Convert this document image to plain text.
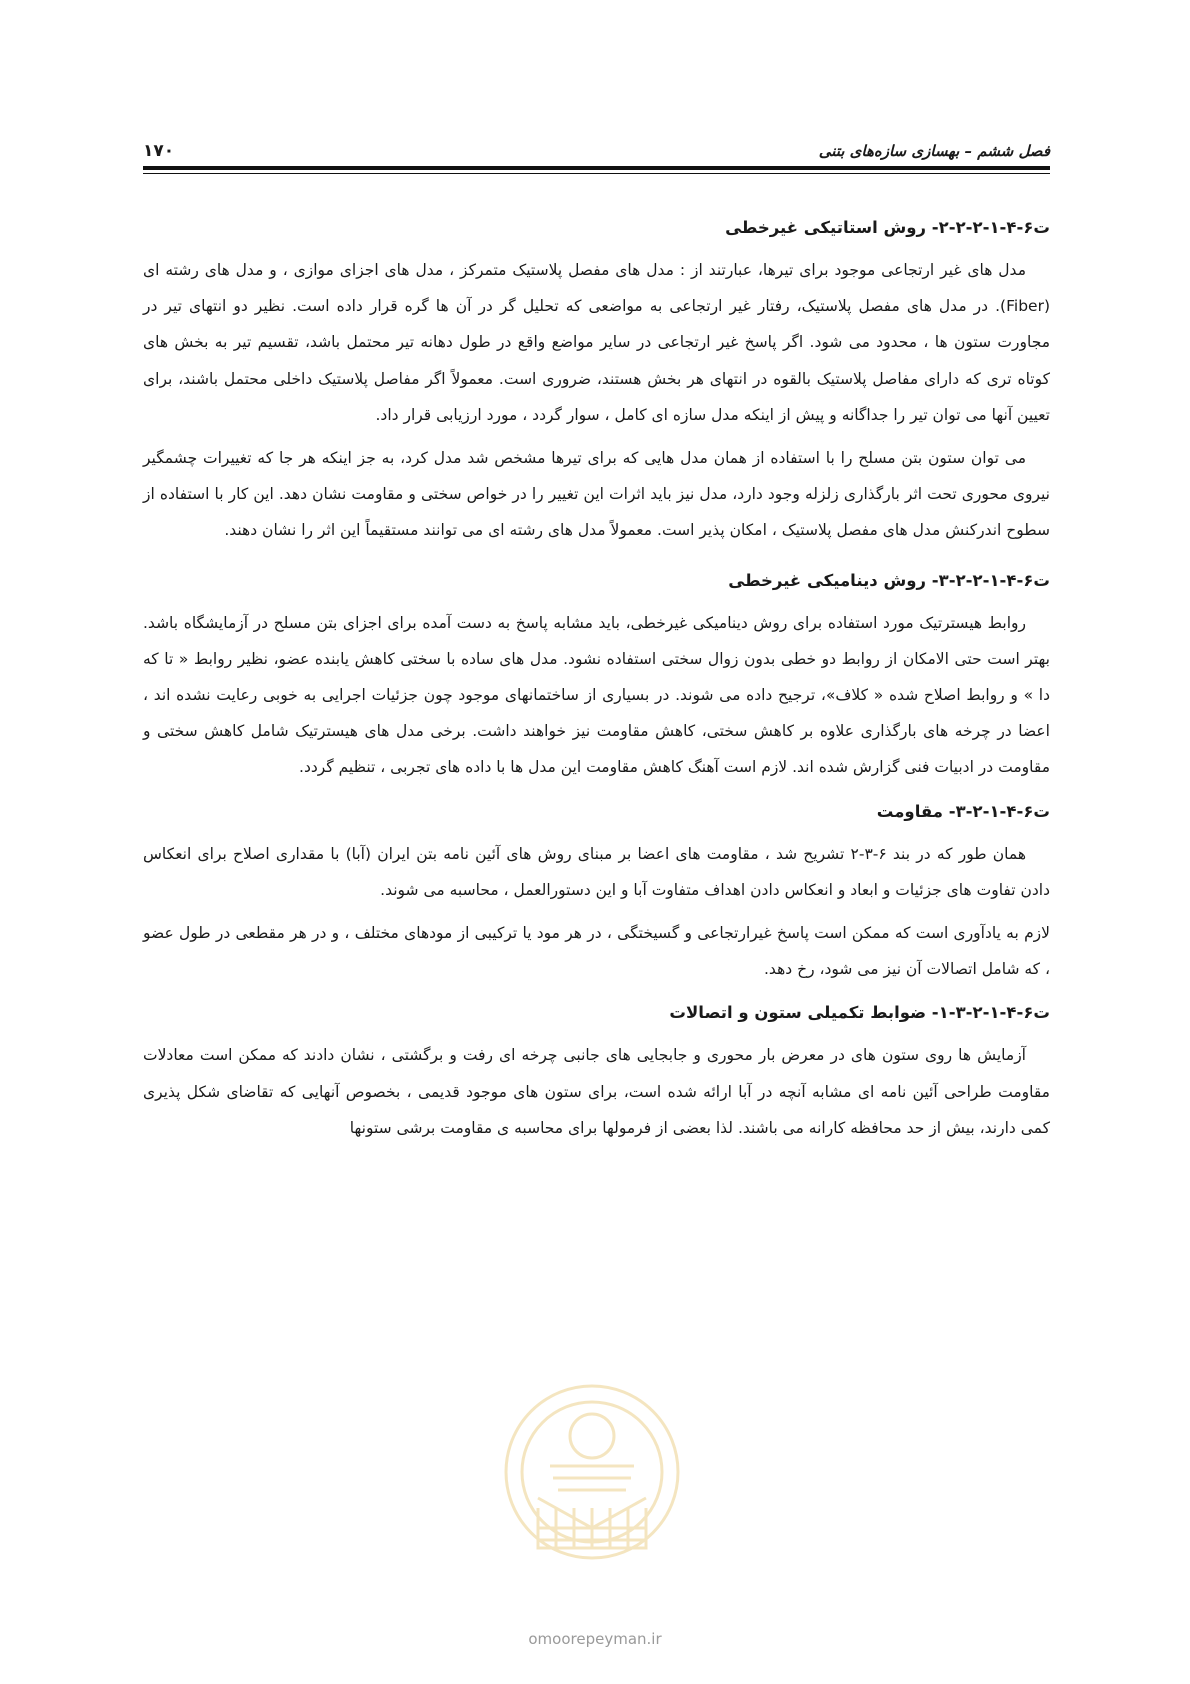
فصل ششم – بهسازی سازه‌های بتنی
۱۷۰
ت۶-۴-۱-۲-۲-۲- روش استاتیکی غیرخطی

مدل های غیر ارتجاعی موجود برای تیرها، عبارتند از : مدل های مفصل پلاستیک متمرکز ، مدل های اجزای موازی ، و مدل های رشته ای (Fiber). در مدل های مفصل پلاستیک، رفتار غیر ارتجاعی به مواضعی که تحلیل گر در آن ها گره قرار داده است. نظیر دو انتهای تیر در مجاورت ستون ها ، محدود می شود. اگر پاسخ غیر ارتجاعی در سایر مواضع واقع در طول دهانه تیر محتمل باشد، تقسیم تیر به بخش های کوتاه تری که دارای مفاصل پلاستیک بالقوه در انتهای هر بخش هستند، ضروری است. معمولاً اگر مفاصل پلاستیک داخلی محتمل باشند، برای تعیین آنها می توان تیر را جداگانه و پیش از اینکه مدل سازه ای کامل ، سوار گردد ، مورد ارزیابی قرار داد.

می توان ستون بتن مسلح را با استفاده از همان مدل هایی که برای تیرها مشخص شد مدل کرد، به جز اینکه هر جا که تغییرات چشمگیر نیروی محوری تحت اثر بارگذاری زلزله وجود دارد، مدل نیز باید اثرات این تغییر را در خواص سختی و مقاومت نشان دهد. این کار با استفاده از سطوح اندرکنش مدل های مفصل پلاستیک ، امکان پذیر است. معمولاً مدل های رشته ای می توانند مستقیماً این اثر را نشان دهند.

ت۶-۴-۱-۲-۲-۳- روش دینامیکی غیرخطی

روابط هیسترتیک مورد استفاده برای روش دینامیکی غیرخطی، باید مشابه پاسخ به دست آمده برای اجزای بتن مسلح در آزمایشگاه باشد. بهتر است حتی الامکان از روابط دو خطی بدون زوال سختی استفاده نشود. مدل های ساده با سختی کاهش یابنده عضو، نظیر روابط « تا که دا » و روابط اصلاح شده « کلاف»، ترجیح داده می شوند. در بسیاری از ساختمانهای موجود چون جزئیات اجرایی به خوبی رعایت نشده اند ، اعضا در چرخه های بارگذاری علاوه بر کاهش سختی، کاهش مقاومت نیز خواهند داشت. برخی مدل های هیسترتیک شامل کاهش سختی و مقاومت در ادبیات فنی گزارش شده اند. لازم است آهنگ کاهش مقاومت این مدل ها با داده های تجربی ، تنظیم گردد.

ت۶-۴-۱-۲-۳- مقاومت

همان طور که در بند ۶-۳-۲ تشریح شد ، مقاومت های اعضا بر مبنای روش های آئین نامه بتن ایران (آبا) با مقداری اصلاح برای انعکاس دادن تفاوت های جزئیات و ابعاد و انعکاس دادن اهداف متفاوت آبا و این دستورالعمل ، محاسبه می شوند.

لازم به یادآوری است که ممکن است پاسخ غیرارتجاعی و گسیختگی ، در هر مود یا ترکیبی از مودهای مختلف ، و در هر مقطعی در طول عضو ، که شامل اتصالات آن نیز می شود، رخ دهد.

ت۶-۴-۱-۲-۳-۱- ضوابط تکمیلی ستون و اتصالات

آزمایش ها روی ستون های در معرض بار محوری و جابجایی های جانبی چرخه ای رفت و برگشتی ، نشان دادند که ممکن است معادلات مقاومت طراحی آئین نامه ای مشابه آنچه در آبا ارائه شده است، برای ستون های موجود قدیمی ، بخصوص آنهایی که تقاضای شکل پذیری کمی دارند، بیش از حد محافظه کارانه می باشند. لذا بعضی از فرمولها برای محاسبه ی مقاومت برشی ستونها

omoorepeyman.ir
